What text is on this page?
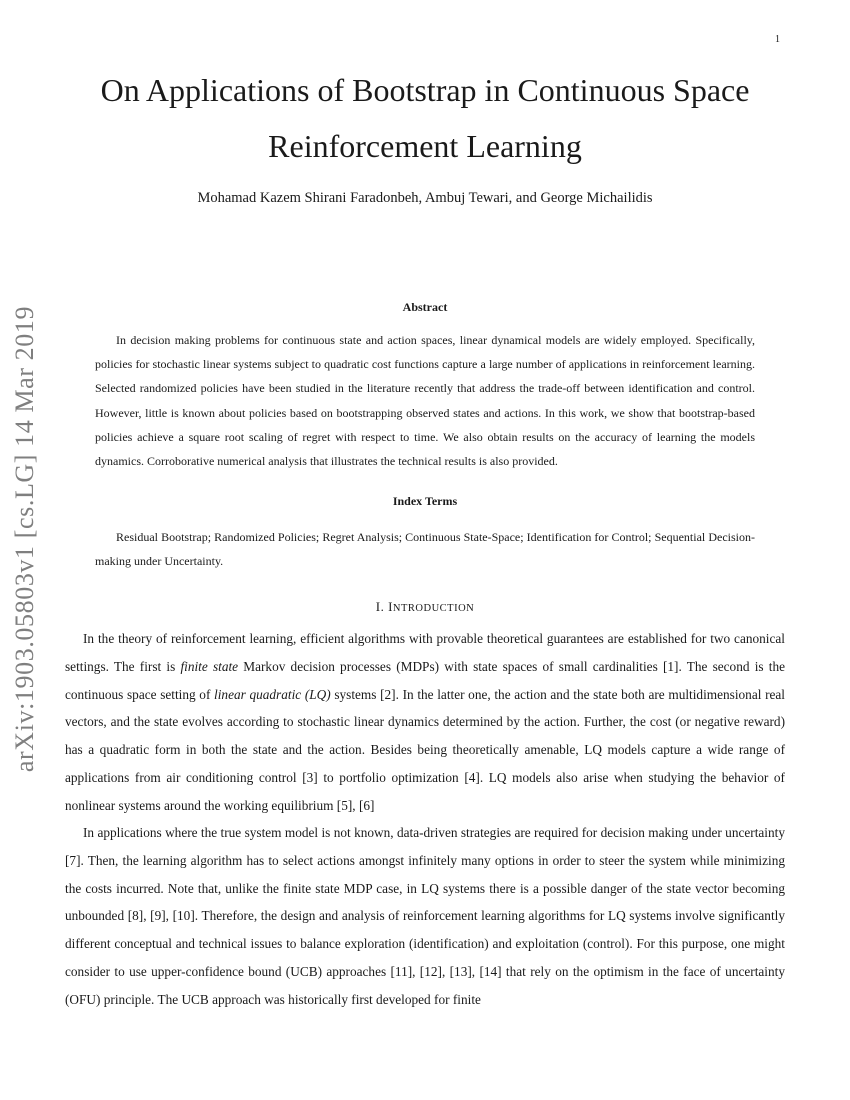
1
arXiv:1903.05803v1 [cs.LG] 14 Mar 2019
On Applications of Bootstrap in Continuous Space
Reinforcement Learning
Mohamad Kazem Shirani Faradonbeh, Ambuj Tewari, and George Michailidis
Abstract

In decision making problems for continuous state and action spaces, linear dynamical models are widely employed. Specifically, policies for stochastic linear systems subject to quadratic cost functions capture a large number of applications in reinforcement learning. Selected randomized policies have been studied in the literature recently that address the trade-off between identification and control. However, little is known about policies based on bootstrapping observed states and actions. In this work, we show that bootstrap-based policies achieve a square root scaling of regret with respect to time. We also obtain results on the accuracy of learning the models dynamics. Corroborative numerical analysis that illustrates the technical results is also provided.

Index Terms

Residual Bootstrap; Randomized Policies; Regret Analysis; Continuous State-Space; Identification for Control; Sequential Decision-making under Uncertainty.

I. INTRODUCTION

In the theory of reinforcement learning, efficient algorithms with provable theoretical guarantees are established for two canonical settings. The first is finite state Markov decision processes (MDPs) with state spaces of small cardinalities [1]. The second is the continuous space setting of linear quadratic (LQ) systems [2]. In the latter one, the action and the state both are multidimensional real vectors, and the state evolves according to stochastic linear dynamics determined by the action. Further, the cost (or negative reward) has a quadratic form in both the state and the action. Besides being theoretically amenable, LQ models capture a wide range of applications from air conditioning control [3] to portfolio optimization [4]. LQ models also arise when studying the behavior of nonlinear systems around the working equilibrium [5], [6]

In applications where the true system model is not known, data-driven strategies are required for decision making under uncertainty [7]. Then, the learning algorithm has to select actions amongst infinitely many options in order to steer the system while minimizing the costs incurred. Note that, unlike the finite state MDP case, in LQ systems there is a possible danger of the state vector becoming unbounded [8], [9], [10]. Therefore, the design and analysis of reinforcement learning algorithms for LQ systems involve significantly different conceptual and technical issues to balance exploration (identification) and exploitation (control). For this purpose, one might consider to use upper-confidence bound (UCB) approaches [11], [12], [13], [14] that rely on the optimism in the face of uncertainty (OFU) principle. The UCB approach was historically first developed for finite
